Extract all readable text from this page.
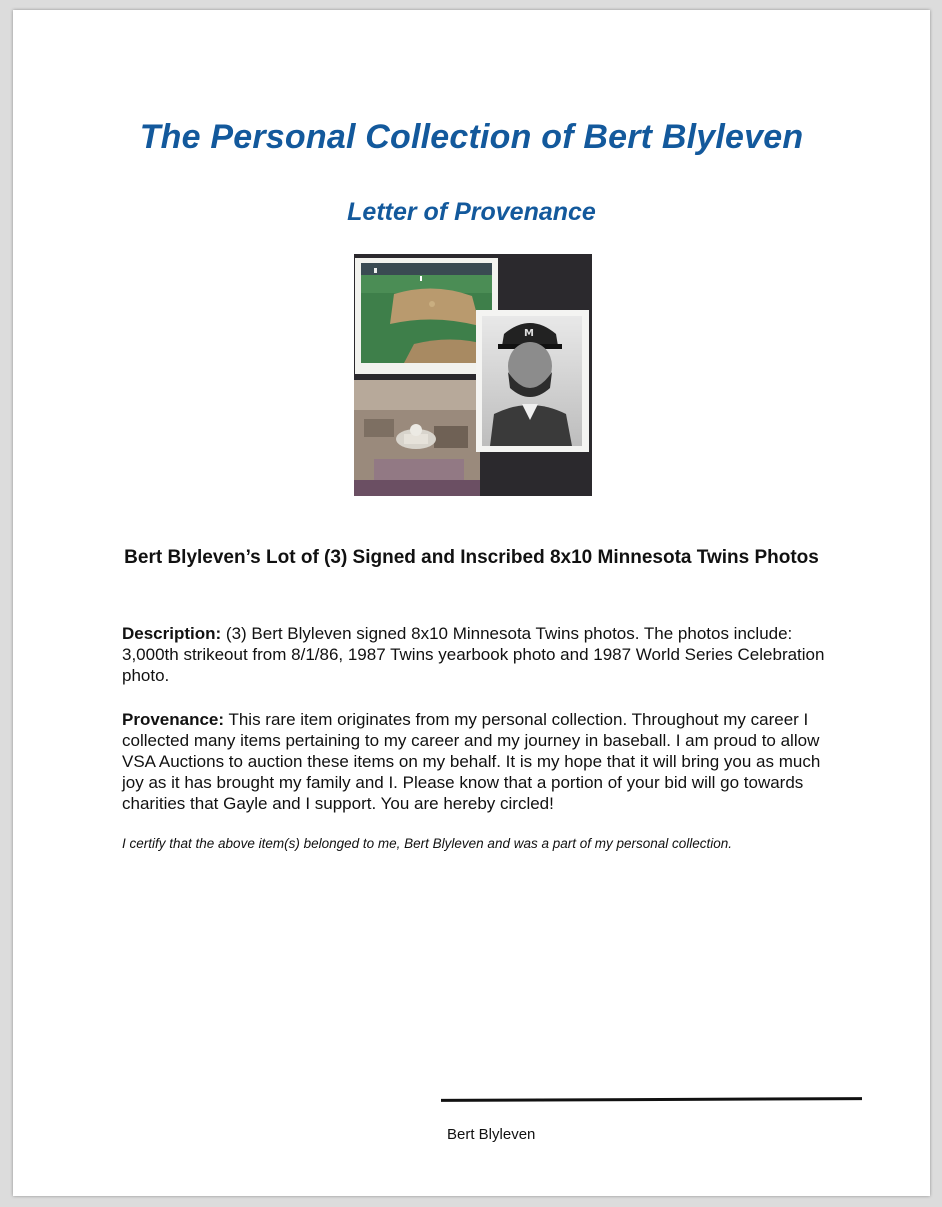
The Personal Collection of Bert Blyleven
Letter of Provenance
M
Bert Blyleven’s Lot of (3) Signed and Inscribed 8x10 Minnesota Twins Photos

Description: (3) Bert Blyleven signed 8x10 Minnesota Twins photos. The photos include: 3,000th strikeout from 8/1/86, 1987 Twins yearbook photo and 1987 World Series Celebration photo.

Provenance: This rare item originates from my personal collection. Throughout my career I collected many items pertaining to my career and my journey in baseball. I am proud to allow VSA Auctions to auction these items on my behalf. It is my hope that it will bring you as much joy as it has brought my family and I. Please know that a portion of your bid will go towards charities that Gayle and I support. You are hereby circled!

I certify that the above item(s) belonged to me, Bert Blyleven and was a part of my personal collection.

Bert Blyleven
